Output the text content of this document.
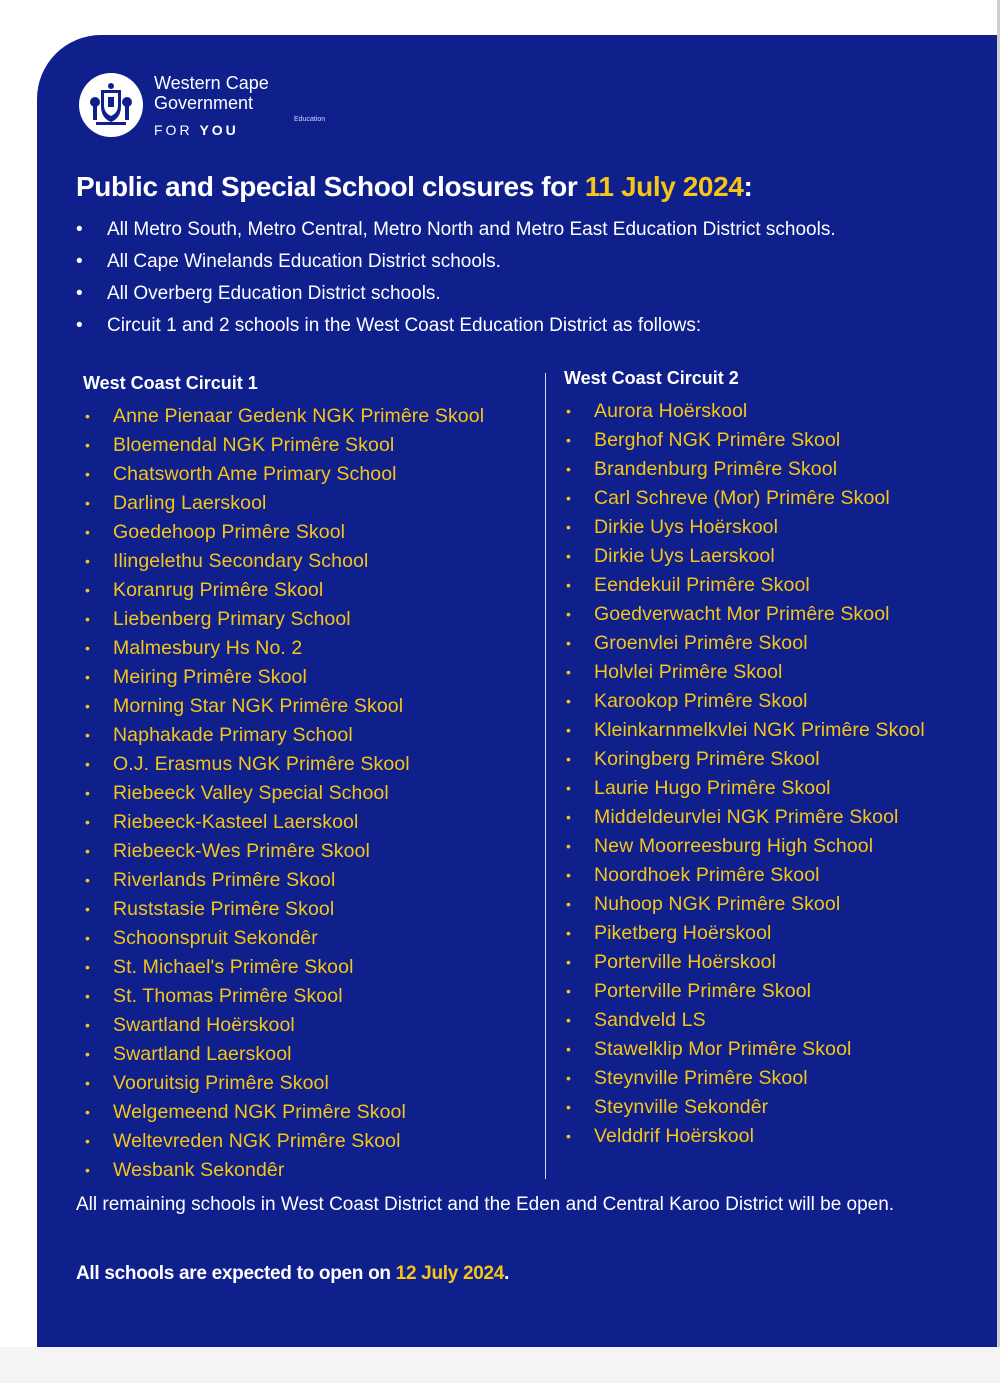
Western Cape
Government
FOR YOU
Education
Public and Special School closures for 11 July 2024:
• All Metro South, Metro Central, Metro North and Metro East Education District schools.
• All Cape Winelands Education District schools.
• All Overberg Education District schools.
• Circuit 1 and 2 schools in the West Coast Education District as follows:
West Coast Circuit 1
• Anne Pienaar Gedenk NGK Primêre Skool
• Bloemendal NGK Primêre Skool
• Chatsworth Ame Primary School
• Darling Laerskool
• Goedehoop Primêre Skool
• Ilingelethu Secondary School
• Koranrug Primêre Skool
• Liebenberg Primary School
• Malmesbury Hs No. 2
• Meiring Primêre Skool
• Morning Star NGK Primêre Skool
• Naphakade Primary School
• O.J. Erasmus NGK Primêre Skool
• Riebeeck Valley Special School
• Riebeeck-Kasteel Laerskool
• Riebeeck-Wes Primêre Skool
• Riverlands Primêre Skool
• Ruststasie Primêre Skool
• Schoonspruit Sekondêr
• St. Michael's Primêre Skool
• St. Thomas Primêre Skool
• Swartland Hoërskool
• Swartland Laerskool
• Vooruitsig Primêre Skool
• Welgemeend NGK Primêre Skool
• Weltevreden NGK Primêre Skool
• Wesbank Sekondêr
West Coast Circuit 2
• Aurora Hoërskool
• Berghof NGK Primêre Skool
• Brandenburg Primêre Skool
• Carl Schreve (Mor) Primêre Skool
• Dirkie Uys Hoërskool
• Dirkie Uys Laerskool
• Eendekuil Primêre Skool
• Goedverwacht Mor Primêre Skool
• Groenvlei Primêre Skool
• Holvlei Primêre Skool
• Karookop Primêre Skool
• Kleinkarnmelkvlei NGK Primêre Skool
• Koringberg Primêre Skool
• Laurie Hugo Primêre Skool
• Middeldeurvlei NGK Primêre Skool
• New Moorreesburg High School
• Noordhoek Primêre Skool
• Nuhoop NGK Primêre Skool
• Piketberg Hoërskool
• Porterville Hoërskool
• Porterville Primêre Skool
• Sandveld LS
• Stawelklip Mor Primêre Skool
• Steynville Primêre Skool
• Steynville Sekondêr
• Velddrif Hoërskool

All remaining schools in West Coast District and the Eden and Central Karoo District will be open.

All schools are expected to open on 12 July 2024.
